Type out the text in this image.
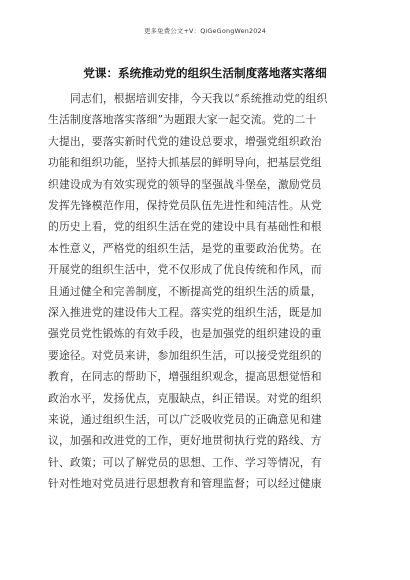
更多免费公文+V：QiGeGongWen2024
党课：系统推动党的组织生活制度落地落实落细
同志们，根据培训安排，今天我以“系统推动党的组织
生活制度落地落实落细”为题跟大家一起交流。党的二十
大提出，要落实新时代党的建设总要求，增强党组织政治
功能和组织功能，坚持大抓基层的鲜明导向，把基层党组
织建设成为有效实现党的领导的坚强战斗堡垒，激励党员
发挥先锋模范作用，保持党员队伍先进性和纯洁性。从党
的历史上看，党的组织生活在党的建设中具有基础性和根
本性意义，严格党的组织生活，是党的重要政治优势。在
开展党的组织生活中，党不仅形成了优良传统和作风，而
且通过健全和完善制度，不断提高党的组织生活的质量，
深入推进党的建设伟大工程。落实党的组织生活，既是加
强党员党性锻炼的有效手段，也是加强党的组织建设的重
要途径。对党员来讲，参加组织生活，可以接受党组织的
教育，在同志的帮助下，增强组织观念，提高思想觉悟和
政治水平，发扬优点，克服缺点，纠正错误。对党的组织
来说，通过组织生活，可以广泛吸收党员的正确意见和建
议，加强和改进党的工作，更好地贯彻执行党的路线、方
针、政策；可以了解党员的思想、工作、学习等情况，有
针对性地对党员进行思想教育和管理监督；可以经过健康
